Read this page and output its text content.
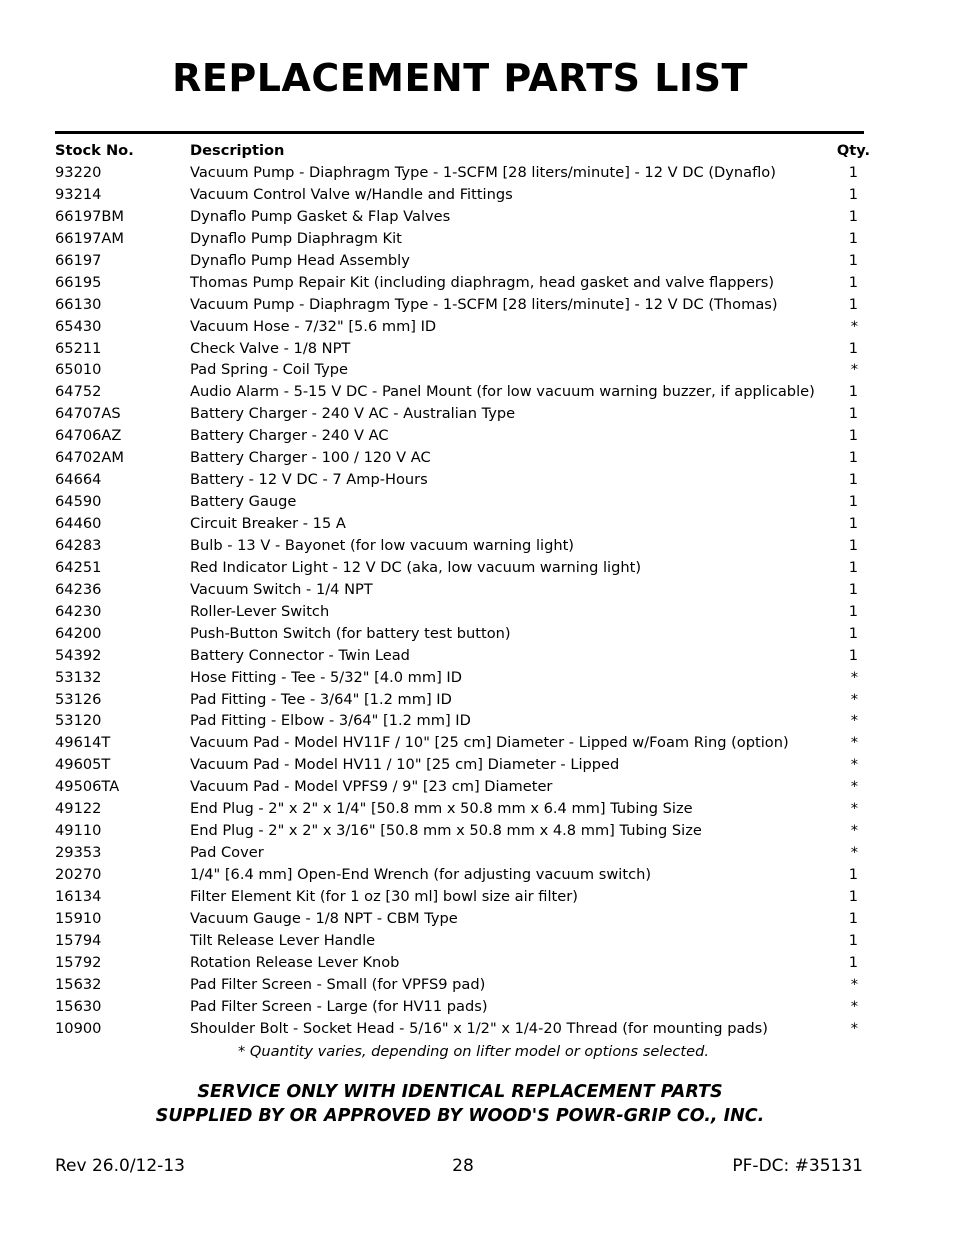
REPLACEMENT PARTS LIST
Stock No.	Description	Qty.
93220	Vacuum Pump - Diaphragm Type - 1-SCFM [28 liters/minute] - 12 V DC (Dynaflo)	1
93214	Vacuum Control Valve w/Handle and Fittings	1
66197BM	Dynaflo Pump Gasket & Flap Valves	1
66197AM	Dynaflo Pump Diaphragm Kit	1
66197	Dynaflo Pump Head Assembly	1
66195	Thomas Pump Repair Kit (including diaphragm, head gasket and valve flappers)	1
66130	Vacuum Pump - Diaphragm Type - 1-SCFM [28 liters/minute] - 12 V DC (Thomas)	1
65430	Vacuum Hose - 7/32" [5.6 mm] ID	*
65211	Check Valve - 1/8 NPT	1
65010	Pad Spring - Coil Type	*
64752	Audio Alarm - 5-15 V DC - Panel Mount (for low vacuum warning buzzer, if applicable)	1
64707AS	Battery Charger - 240 V AC - Australian Type	1
64706AZ	Battery Charger - 240 V AC	1
64702AM	Battery Charger - 100 / 120 V AC	1
64664	Battery - 12 V DC - 7 Amp-Hours	1
64590	Battery Gauge	1
64460	Circuit Breaker - 15 A	1
64283	Bulb - 13 V - Bayonet (for low vacuum warning light)	1
64251	Red Indicator Light - 12 V DC (aka, low vacuum warning light)	1
64236	Vacuum Switch - 1/4 NPT	1
64230	Roller-Lever Switch	1
64200	Push-Button Switch (for battery test button)	1
54392	Battery Connector - Twin Lead	1
53132	Hose Fitting - Tee - 5/32" [4.0 mm] ID	*
53126	Pad Fitting - Tee - 3/64" [1.2 mm] ID	*
53120	Pad Fitting - Elbow - 3/64" [1.2 mm] ID	*
49614T	Vacuum Pad - Model HV11F / 10" [25 cm] Diameter - Lipped w/Foam Ring (option)	*
49605T	Vacuum Pad - Model HV11 / 10" [25 cm] Diameter - Lipped	*
49506TA	Vacuum Pad - Model VPFS9 / 9" [23 cm] Diameter	*
49122	End Plug - 2" x 2" x 1/4" [50.8 mm x 50.8 mm x 6.4 mm] Tubing Size	*
49110	End Plug - 2" x 2" x 3/16" [50.8 mm x 50.8 mm x 4.8 mm] Tubing Size	*
29353	Pad Cover	*
20270	1/4" [6.4 mm] Open-End Wrench (for adjusting vacuum switch)	1
16134	Filter Element Kit (for 1 oz [30 ml] bowl size air filter)	1
15910	Vacuum Gauge - 1/8 NPT - CBM Type	1
15794	Tilt Release Lever Handle	1
15792	Rotation Release Lever Knob	1
15632	Pad Filter Screen - Small (for VPFS9 pad)	*
15630	Pad Filter Screen - Large (for HV11 pads)	*
10900	Shoulder Bolt - Socket Head - 5/16" x 1/2" x 1/4-20 Thread (for mounting pads)	*
* Quantity varies, depending on lifter model or options selected.
SERVICE ONLY WITH IDENTICAL REPLACEMENT PARTS
SUPPLIED BY OR APPROVED BY WOOD'S POWR-GRIP CO., INC.
Rev 26.0/12-13	28	PF-DC: #35131
